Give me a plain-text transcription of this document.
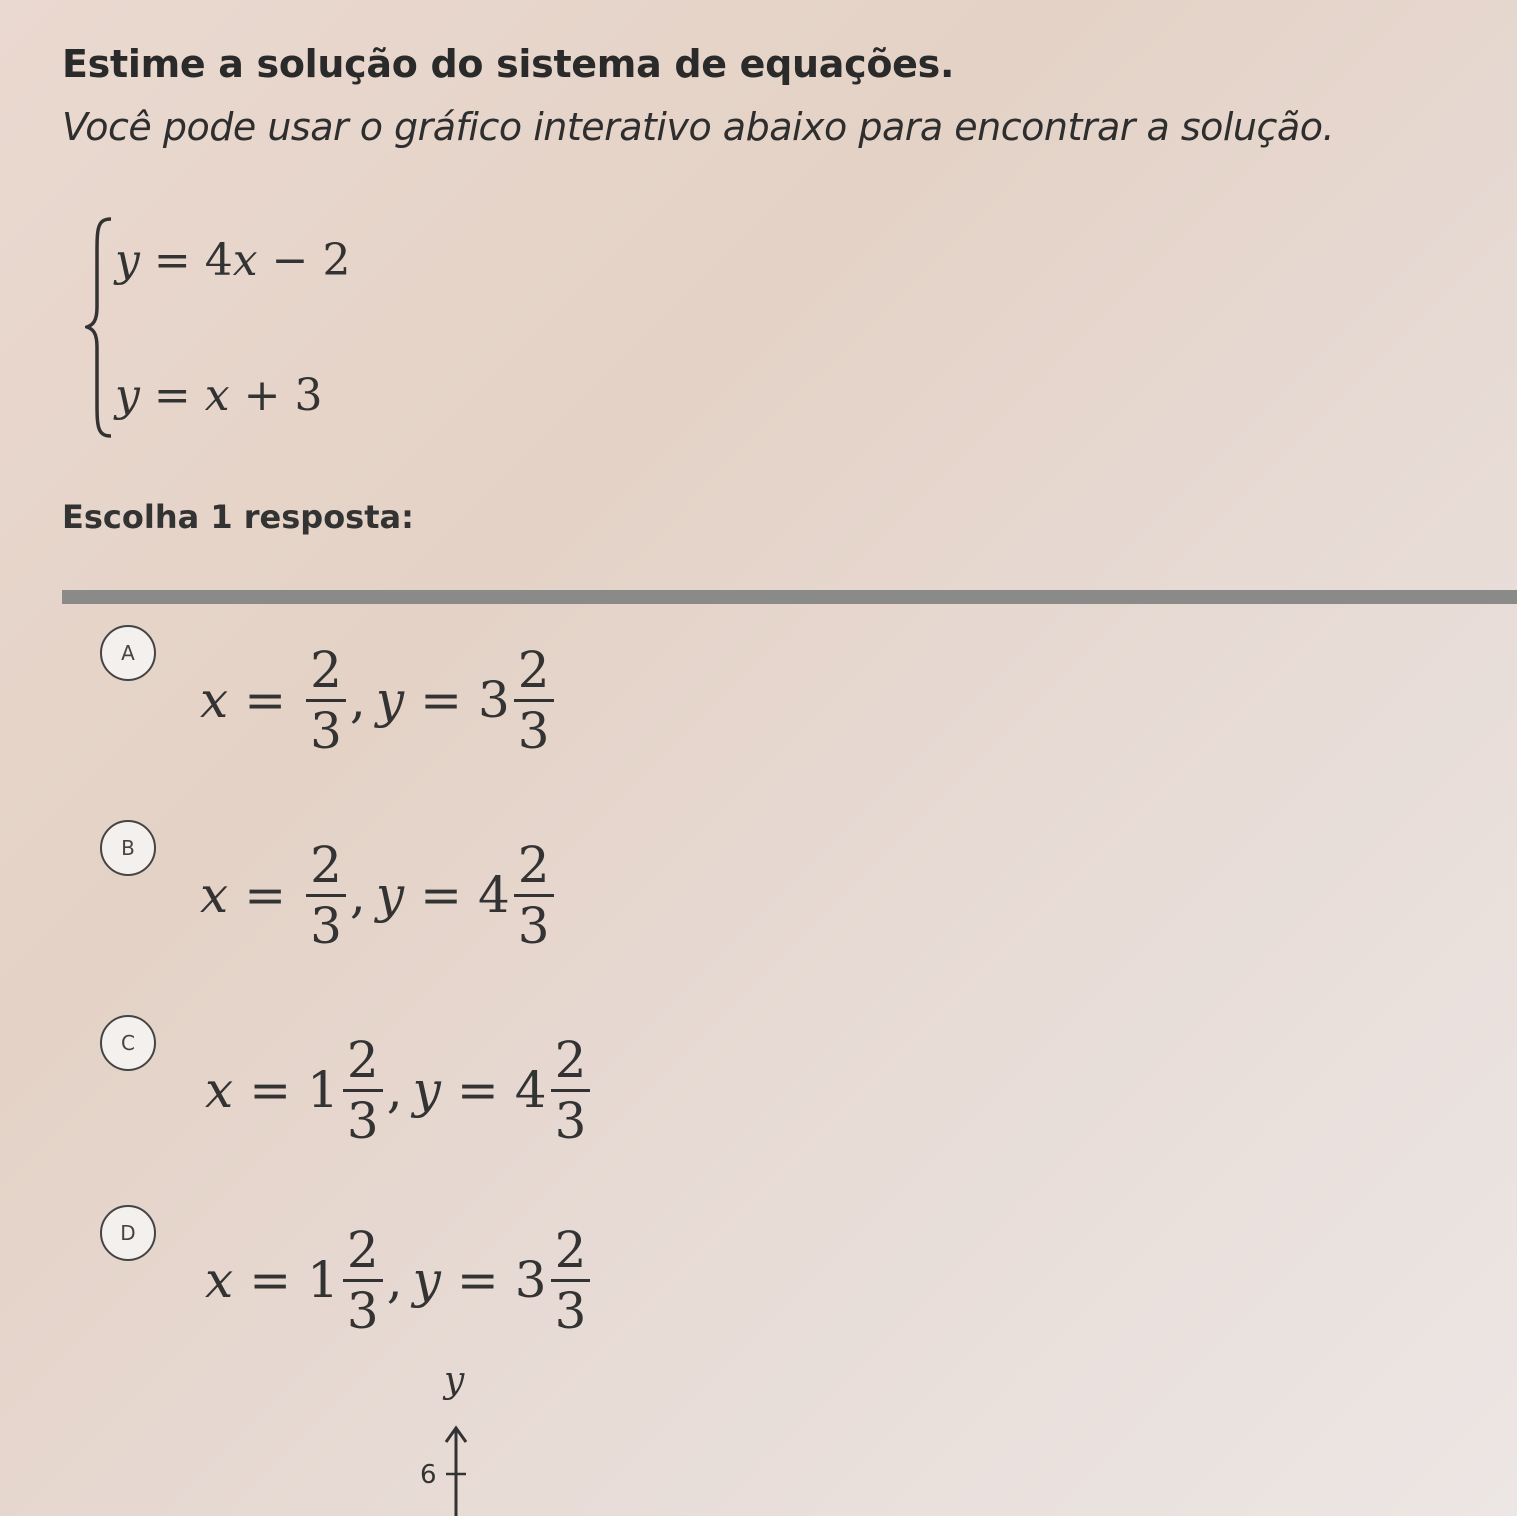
Estime a solução do sistema de equações.
Você pode usar o gráfico interativo abaixo para encontrar a solução.
y = 4x − 2
y = x + 3
Escolha 1 resposta:
A
$x = \frac{2}{3}$ , $y = 3 \frac{2}{3}$
B
$x = \frac{2}{3}$ , $y = 4 \frac{2}{3}$
C
$x = 1 \frac{2}{3}$ , $y = 4 \frac{2}{3}$
D
$x = 1 \frac{2}{3}$ , $y = 3 \frac{2}{3}$
y
6
